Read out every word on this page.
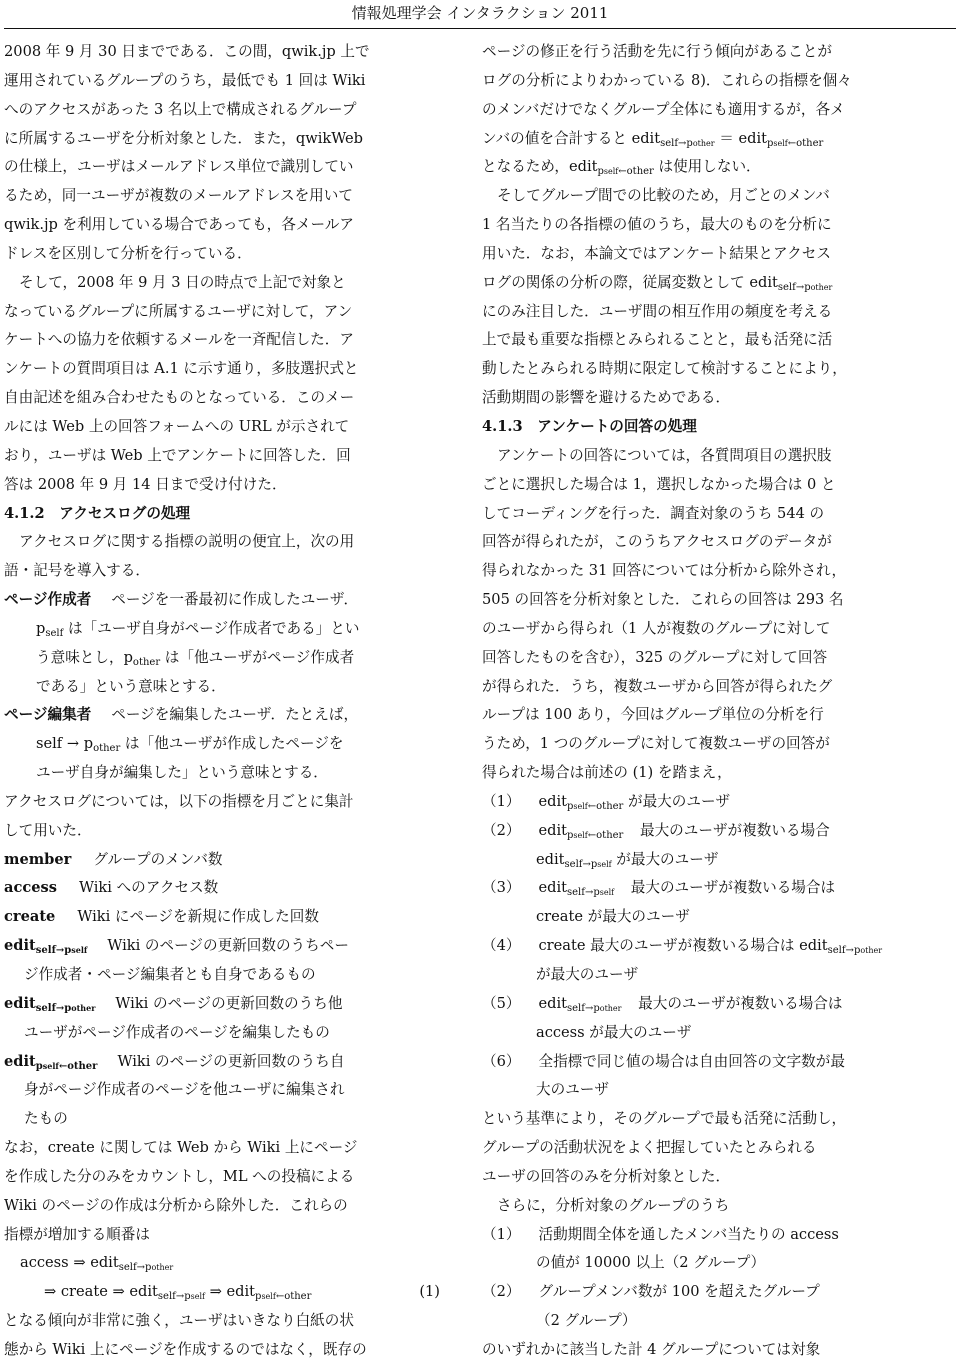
情報処理学会 インタラクション 2011
2008 年 9 月 30 日までである．この間，qwik.jp 上で
運用されているグループのうち，最低でも 1 回は Wiki
へのアクセスがあった 3 名以上で構成されるグループ
に所属するユーザを分析対象とした．また，qwikWeb
の仕様上，ユーザはメールアドレス単位で識別してい
るため，同一ユーザが複数のメールアドレスを用いて
qwik.jp を利用している場合であっても，各メールア
ドレスを区別して分析を行っている．
そして，2008 年 9 月 3 日の時点で上記で対象と
なっているグループに所属するユーザに対して，アン
ケートへの協力を依頼するメールを一斉配信した．ア
ンケートの質問項目は A.1 に示す通り，多肢選択式と
自由記述を組み合わせたものとなっている．このメー
ルには Web 上の回答フォームへの URL が示されて
おり，ユーザは Web 上でアンケートに回答した．回
答は 2008 年 9 月 14 日まで受け付けた．
4.1.2　アクセスログの処理
アクセスログに関する指標の説明の便宜上，次の用
語・記号を導入する．
ページ作成者 ページを一番最初に作成したユーザ．
$p_{self}$ は「ユーザ自身がページ作成者である」とい
う意味とし，$p_{other}$ は「他ユーザがページ作成者
である」という意味とする．
ページ編集者 ページを編集したユーザ．たとえば，
self → $p_{other}$ は「他ユーザが作成したページを
ユーザ自身が編集した」という意味とする．
アクセスログについては，以下の指標を月ごとに集計
して用いた．
member グループのメンバ数
access Wiki へのアクセス数
create Wiki にページを新規に作成した回数
edit$_{self\to pself}$ Wiki のページの更新回数のうちペー
ジ作成者・ページ編集者とも自身であるもの
edit$_{self\to pother}$ Wiki のページの更新回数のうち他
ユーザがページ作成者のページを編集したもの
edit$_{pself\leftarrow other}$ Wiki のページの更新回数のうち自
身がページ作成者のページを他ユーザに編集され
たもの
なお，create に関しては Web から Wiki 上にページ
を作成した分のみをカウントし，ML への投稿による
Wiki のページの作成は分析から除外した．これらの
指標が増加する順番は
access ⇒ edit$_{self\to pother}$
⇒ create ⇒ edit$_{self\to pself}$ ⇒ edit$_{pself\leftarrow other}$	(1)
となる傾向が非常に強く，ユーザはいきなり白紙の状
態から Wiki 上にページを作成するのではなく，既存の
ページの修正を行う活動を先に行う傾向があることが
ログの分析によりわかっている 8)．これらの指標を個々
のメンバだけでなくグループ全体にも適用するが，各メ
ンバの値を合計すると edit$_{self\to pother}$ ＝ edit$_{pself\leftarrow other}$
となるため，edit$_{pself\leftarrow other}$ は使用しない．
そしてグループ間での比較のため，月ごとのメンバ
1 名当たりの各指標の値のうち，最大のものを分析に
用いた．なお，本論文ではアンケート結果とアクセス
ログの関係の分析の際，従属変数として edit$_{self\to pother}$
にのみ注目した．ユーザ間の相互作用の頻度を考える
上で最も重要な指標とみられることと，最も活発に活
動したとみられる時期に限定して検討することにより，
活動期間の影響を避けるためである．
4.1.3　アンケートの回答の処理
アンケートの回答については，各質問項目の選択肢
ごとに選択した場合は 1，選択しなかった場合は 0 と
してコーディングを行った．調査対象のうち 544 の
回答が得られたが，このうちアクセスログのデータが
得られなかった 31 回答については分析から除外され，
505 の回答を分析対象とした．これらの回答は 293 名
のユーザから得られ（1 人が複数のグループに対して
回答したものを含む），325 のグループに対して回答
が得られた．うち，複数ユーザから回答が得られたグ
ループは 100 あり，今回はグループ単位の分析を行
うため，1 つのグループに対して複数ユーザの回答が
得られた場合は前述の (1) を踏まえ，
（1） edit$_{pself\leftarrow other}$ が最大のユーザ
（2） edit$_{pself\leftarrow other}$ 最大のユーザが複数いる場合
edit$_{self\to pself}$ が最大のユーザ
（3） edit$_{self\to pself}$ 最大のユーザが複数いる場合は
create が最大のユーザ
（4） create 最大のユーザが複数いる場合は edit$_{self\to pother}$
が最大のユーザ
（5） edit$_{self\to pother}$ 最大のユーザが複数いる場合は
access が最大のユーザ
（6） 全指標で同じ値の場合は自由回答の文字数が最
大のユーザ
という基準により，そのグループで最も活発に活動し，
グループの活動状況をよく把握していたとみられる
ユーザの回答のみを分析対象とした．
さらに，分析対象のグループのうち
（1） 活動期間全体を通したメンバ当たりの access
の値が 10000 以上（2 グループ）
（2） グループメンバ数が 100 を超えたグループ
（2 グループ）
のいずれかに該当した計 4 グループについては対象
